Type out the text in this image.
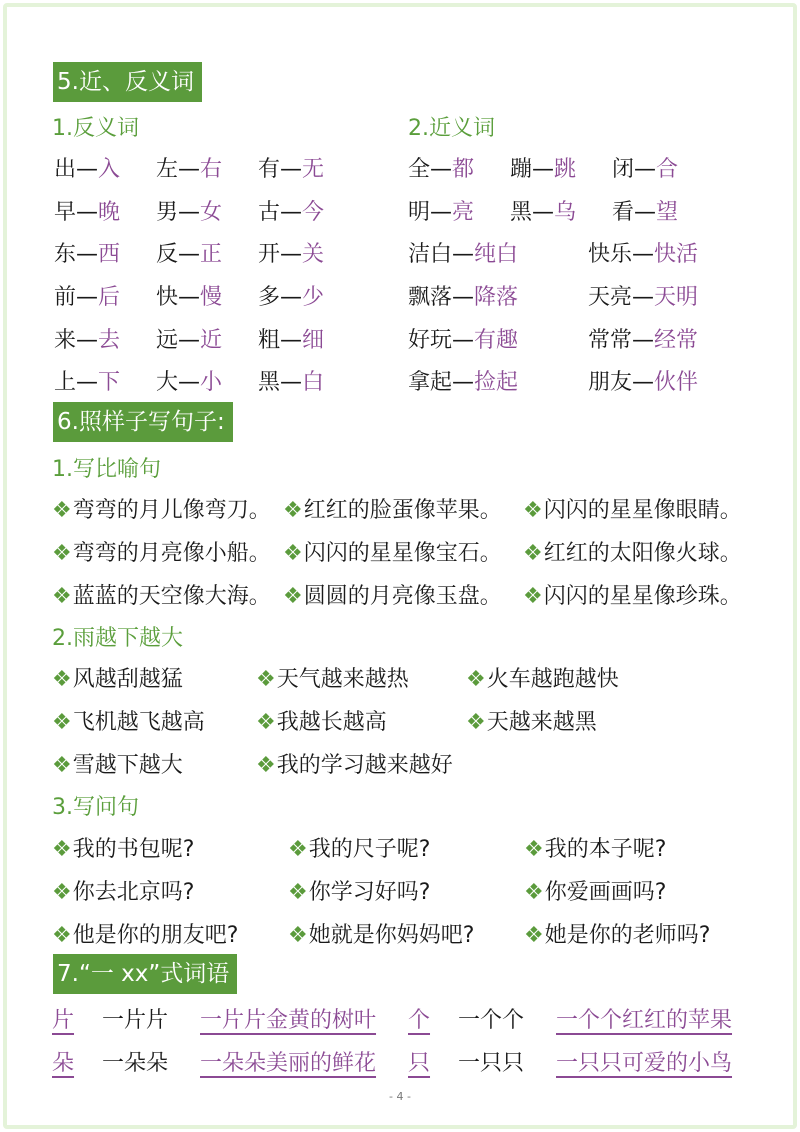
5.近、反义词
1.反义词	2.近义词
出—入 左—右 有—无
早—晚 男—女 古—今
东—西 反—正 开—关
前—后 快—慢 多—少
来—去 远—近 粗—细
上—下 大—小 黑—白
全—都 蹦—跳 闭—合
明—亮 黑—乌 看—望
洁白—纯白	快乐—快活
飘落—降落	天亮—天明
好玩—有趣	常常—经常
拿起—捡起	朋友—伙伴
6.照样子写句子:
1.写比喻句
❖弯弯的月儿像弯刀。 ❖红红的脸蛋像苹果。 ❖闪闪的星星像眼睛。
❖弯弯的月亮像小船。 ❖闪闪的星星像宝石。 ❖红红的太阳像火球。
❖蓝蓝的天空像大海。 ❖圆圆的月亮像玉盘。 ❖闪闪的星星像珍珠。
2.雨越下越大
❖风越刮越猛	❖天气越来越热	❖火车越跑越快
❖飞机越飞越高 ❖我越长越高	❖天越来越黑
❖雪越下越大	❖我的学习越来越好
3.写问句
❖我的书包呢?	❖我的尺子呢?	❖我的本子呢?
❖你去北京吗?	❖你学习好吗?	❖你爱画画吗?
❖他是你的朋友吧? ❖她就是你妈妈吧? ❖她是你的老师吗?
7.“一 xx”式词语
片 一片片 一片片金黄的树叶 个 一个个 一个个红红的苹果
朵 一朵朵 一朵朵美丽的鲜花 只 一只只 一只只可爱的小鸟
- 4 -
